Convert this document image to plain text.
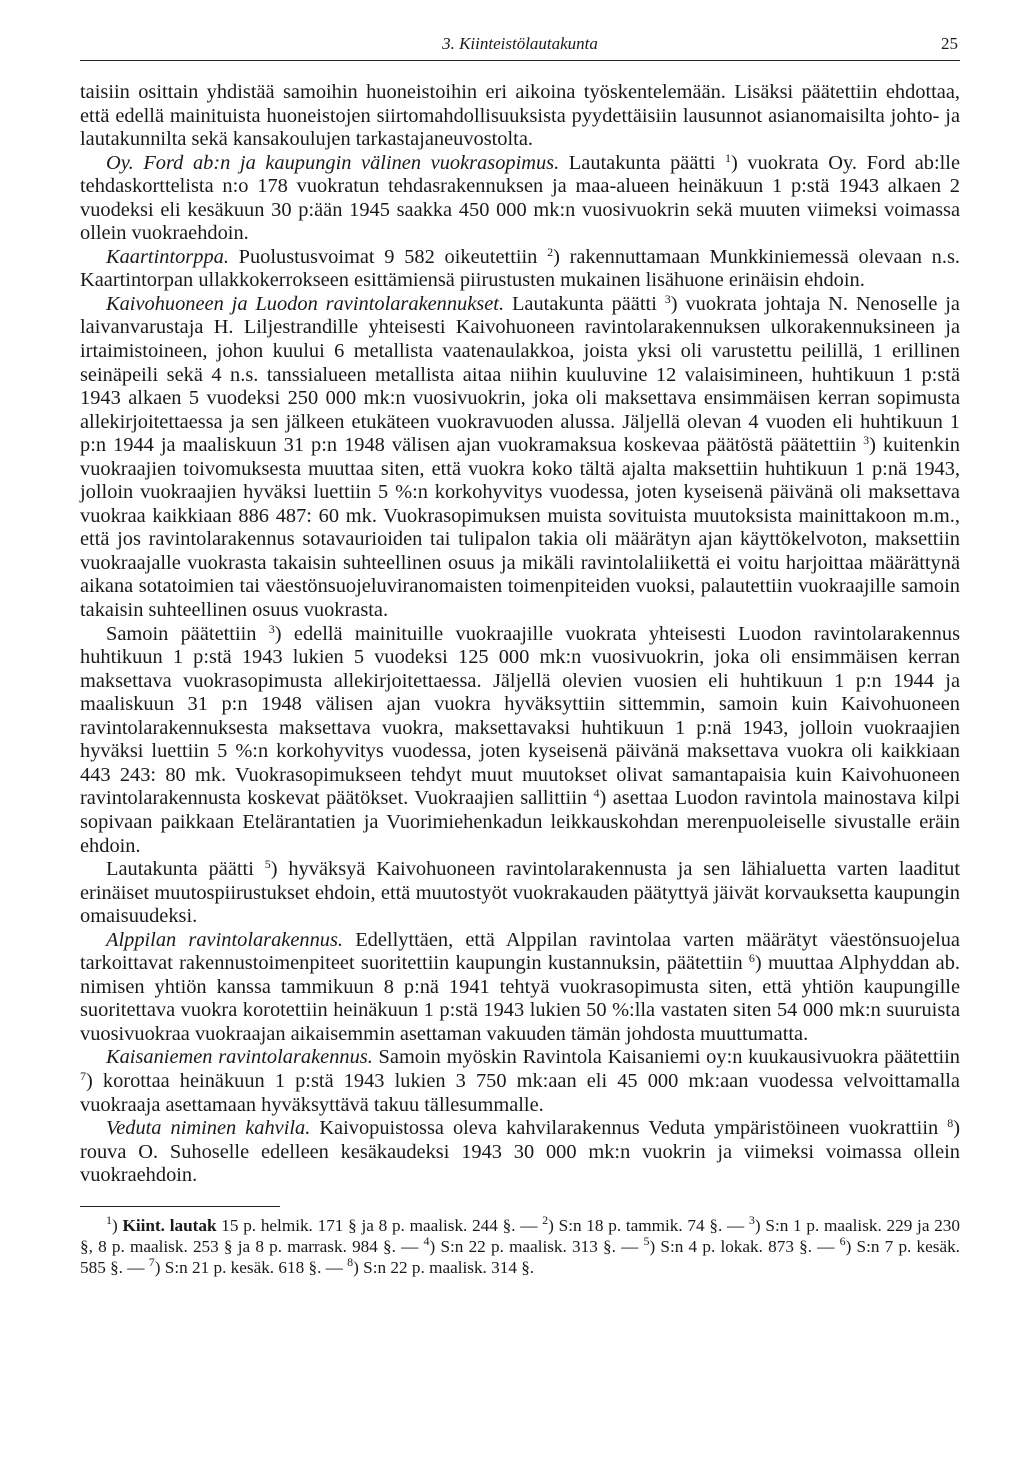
3. Kiinteistölautakunta	25

taisiin osittain yhdistää samoihin huoneistoihin eri aikoina työskentelemään. Lisäksi päätettiin ehdottaa, että edellä mainituista huoneistojen siirtomahdollisuuksista pyydettäisiin lausunnot asianomaisilta johto- ja lautakunnilta sekä kansakoulujen tarkastajaneuvostolta.

Oy. Ford ab:n ja kaupungin välinen vuokrasopimus. Lautakunta päätti $^1$) vuokrata Oy. Ford ab:lle tehdaskorttelista n:o 178 vuokratun tehdasrakennuksen ja maa-alueen heinäkuun 1 p:stä 1943 alkaen 2 vuodeksi eli kesäkuun 30 p:ään 1945 saakka 450 000 mk:n vuosivuokrin sekä muuten viimeksi voimassa ollein vuokraehdoin.

Kaartintorppa. Puolustusvoimat 9 582 oikeutettiin $^2$) rakennuttamaan Munkkiniemessä olevaan n.s. Kaartintorpan ullakkokerrokseen esittämiensä piirustusten mukainen lisähuone erinäisin ehdoin.

Kaivohuoneen ja Luodon ravintolarakennukset. Lautakunta päätti $^3$) vuokrata johtaja N. Nenoselle ja laivanvarustaja H. Liljestrandille yhteisesti Kaivohuoneen ravintolarakennuksen ulkorakennuksineen ja irtaimistoineen, johon kuului 6 metallista vaatenaulakkoa, joista yksi oli varustettu peilillä, 1 erillinen seinäpeili sekä 4 n.s. tanssialueen metallista aitaa niihin kuuluvine 12 valaisimineen, huhtikuun 1 p:stä 1943 alkaen 5 vuodeksi 250 000 mk:n vuosivuokrin, joka oli maksettava ensimmäisen kerran sopimusta allekirjoitettaessa ja sen jälkeen etukäteen vuokravuoden alussa. Jäljellä olevan 4 vuoden eli huhtikuun 1 p:n 1944 ja maaliskuun 31 p:n 1948 välisen ajan vuokramaksua koskevaa päätöstä päätettiin $^3$) kuitenkin vuokraajien toivomuksesta muuttaa siten, että vuokra koko tältä ajalta maksettiin huhtikuun 1 p:nä 1943, jolloin vuokraajien hyväksi luettiin 5 %:n korkohyvitys vuodessa, joten kyseisenä päivänä oli maksettava vuokraa kaikkiaan 886 487: 60 mk. Vuokrasopimuksen muista sovituista muutoksista mainittakoon m.m., että jos ravintolarakennus sotavaurioiden tai tulipalon takia oli määrätyn ajan käyttökelvoton, maksettiin vuokraajalle vuokrasta takaisin suhteellinen osuus ja mikäli ravintolaliikettä ei voitu harjoittaa määrättynä aikana sotatoimien tai väestönsuojeluviranomaisten toimenpiteiden vuoksi, palautettiin vuokraajille samoin takaisin suhteellinen osuus vuokrasta.

Samoin päätettiin $^3$) edellä mainituille vuokraajille vuokrata yhteisesti Luodon ravintolarakennus huhtikuun 1 p:stä 1943 lukien 5 vuodeksi 125 000 mk:n vuosivuokrin, joka oli ensimmäisen kerran maksettava vuokrasopimusta allekirjoitettaessa. Jäljellä olevien vuosien eli huhtikuun 1 p:n 1944 ja maaliskuun 31 p:n 1948 välisen ajan vuokra hyväksyttiin sittemmin, samoin kuin Kaivohuoneen ravintolarakennuksesta maksettava vuokra, maksettavaksi huhtikuun 1 p:nä 1943, jolloin vuokraajien hyväksi luettiin 5 %:n korkohyvitys vuodessa, joten kyseisenä päivänä maksettava vuokra oli kaikkiaan 443 243: 80 mk. Vuokrasopimukseen tehdyt muut muutokset olivat samantapaisia kuin Kaivohuoneen ravintolarakennusta koskevat päätökset. Vuokraajien sallittiin $^4$) asettaa Luodon ravintola mainostava kilpi sopivaan paikkaan Etelärantatien ja Vuorimiehenkadun leikkauskohdan merenpuoleiselle sivustalle eräin ehdoin.

Lautakunta päätti $^5$) hyväksyä Kaivohuoneen ravintolarakennusta ja sen lähialuetta varten laaditut erinäiset muutospiirustukset ehdoin, että muutostyöt vuokrakauden päätyttyä jäivät korvauksetta kaupungin omaisuudeksi.

Alppilan ravintolarakennus. Edellyttäen, että Alppilan ravintolaa varten määrätyt väestönsuojelua tarkoittavat rakennustoimenpiteet suoritettiin kaupungin kustannuksin, päätettiin $^6$) muuttaa Alphyddan ab. nimisen yhtiön kanssa tammikuun 8 p:nä 1941 tehtyä vuokrasopimusta siten, että yhtiön kaupungille suoritettava vuokra korotettiin heinäkuun 1 p:stä 1943 lukien 50 %:lla vastaten siten 54 000 mk:n suuruista vuosivuokraa vuokraajan aikaisemmin asettaman vakuuden tämän johdosta muuttumatta.

Kaisaniemen ravintolarakennus. Samoin myöskin Ravintola Kaisaniemi oy:n kuukausivuokra päätettiin $^7$) korottaa heinäkuun 1 p:stä 1943 lukien 3 750 mk:aan eli 45 000 mk:aan vuodessa velvoittamalla vuokraaja asettamaan hyväksyttävä takuu tällesummalle.

Veduta niminen kahvila. Kaivopuistossa oleva kahvilarakennus Veduta ympäristöineen vuokrattiin $^8$) rouva O. Suhoselle edelleen kesäkaudeksi 1943 30 000 mk:n vuokrin ja viimeksi voimassa ollein vuokraehdoin.

$^1$) Kiint. lautak 15 p. helmik. 171 § ja 8 p. maalisk. 244 §. — $^2$) S:n 18 p. tammik. 74 §. — $^3$) S:n 1 p. maalisk. 229 ja 230 §, 8 p. maalisk. 253 § ja 8 p. marrask. 984 §. — $^4$) S:n 22 p. maalisk. 313 §. — $^5$) S:n 4 p. lokak. 873 §. — $^6$) S:n 7 p. kesäk. 585 §. — $^7$) S:n 21 p. kesäk. 618 §. — $^8$) S:n 22 p. maalisk. 314 §.
